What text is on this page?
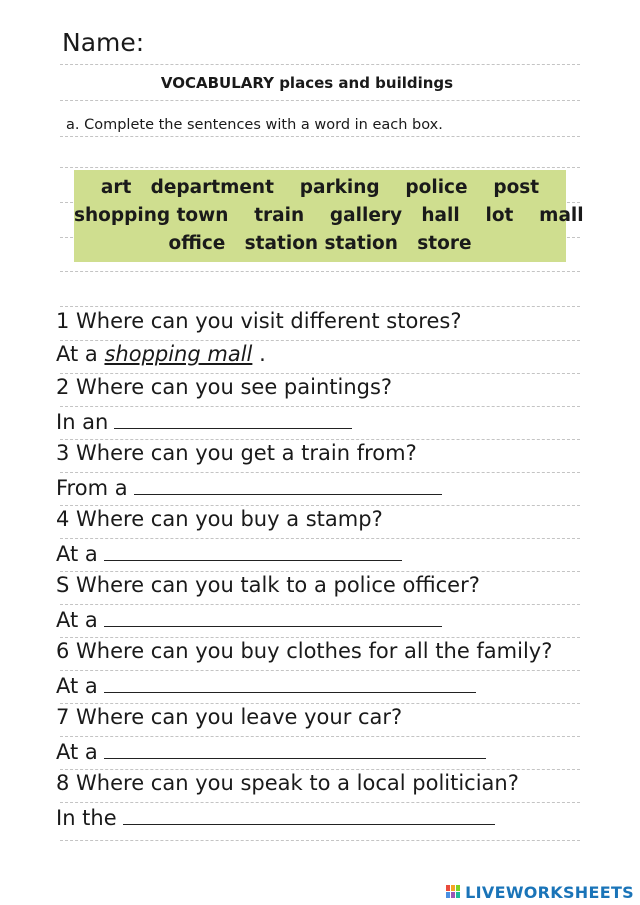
Name:
VOCABULARY places and buildings
a. Complete the sentences with a word in each box.
art department parking police post
shopping town train gallery hall lot mall
office station station store
1 Where can you visit different stores?
At a shopping mall .
2 Where can you see paintings?
In an
3 Where can you get a train from?
From a
4 Where can you buy a stamp?
At a
S Where can you talk to a police officer?
At a
6 Where can you buy clothes for all the family?
At a
7 Where can you leave your car?
At a
8 Where can you speak to a local politician?
In the
LIVEWORKSHEETS
